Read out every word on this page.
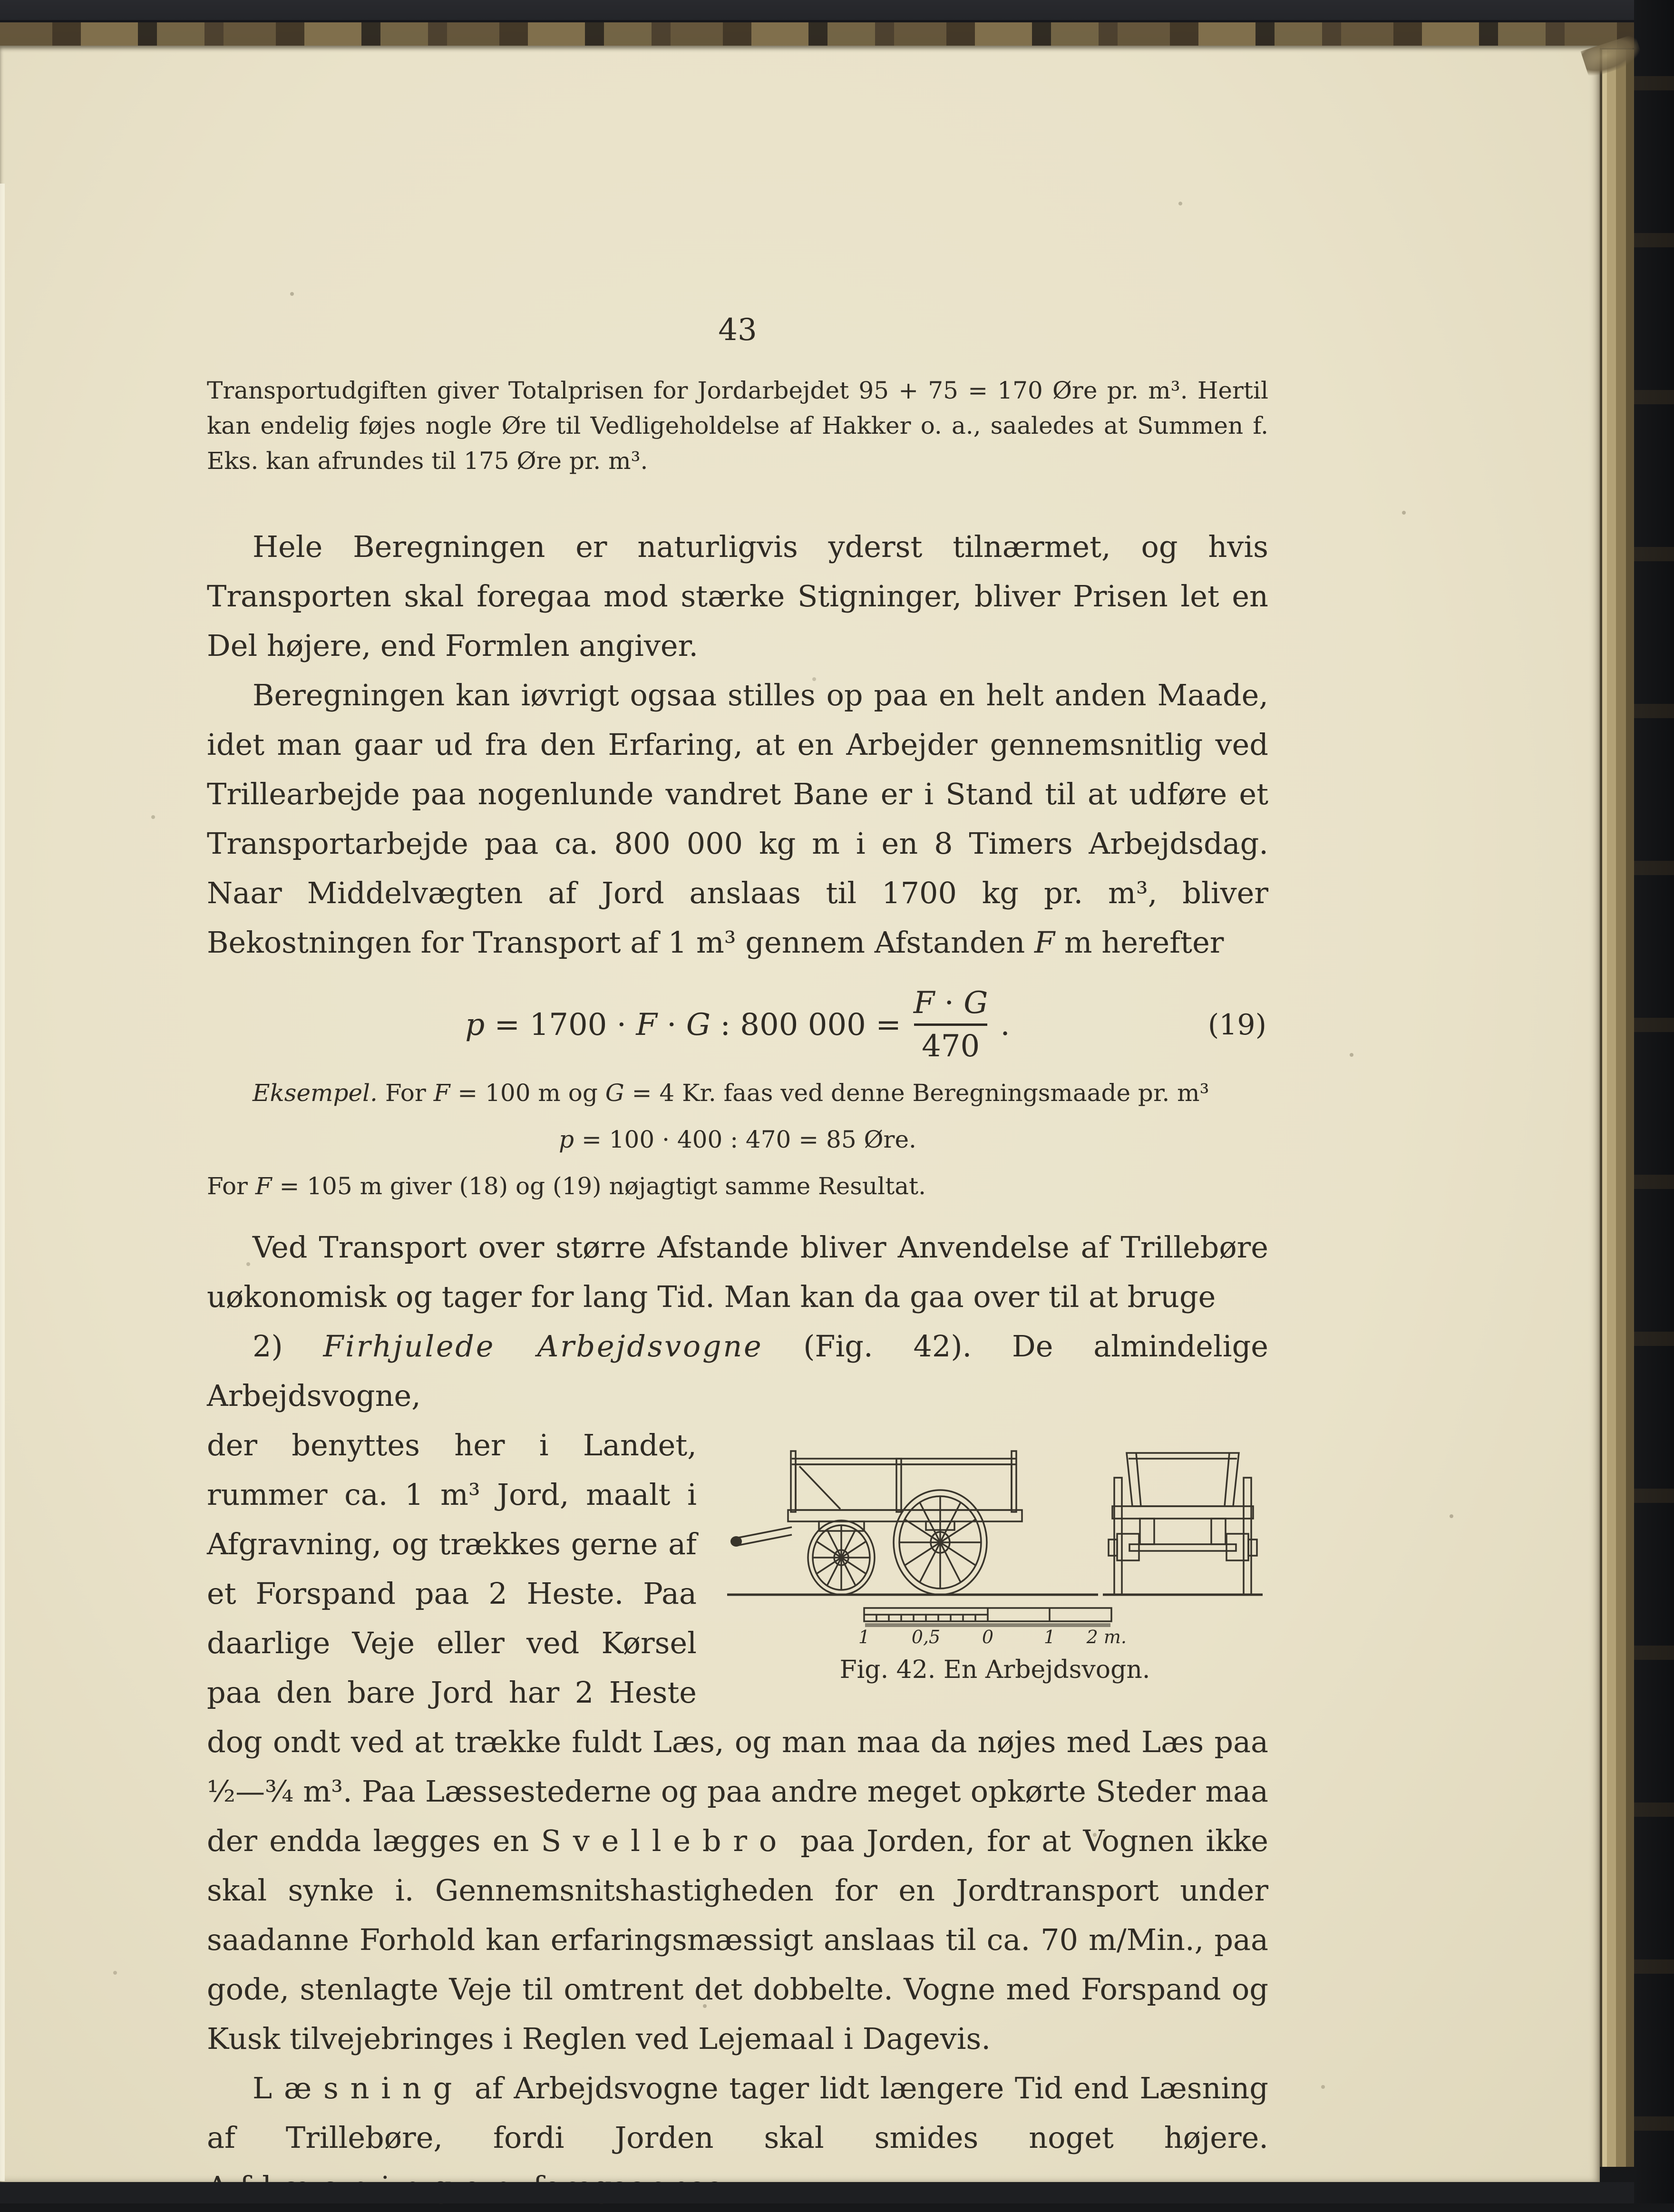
43

Transportudgiften giver Totalprisen for Jordarbejdet 95 + 75 = 170 Øre pr. m³. Hertil kan endelig føjes nogle Øre til Vedligeholdelse af Hakker o. a., saaledes at Summen f. Eks. kan afrundes til 175 Øre pr. m³.

Hele Beregningen er naturligvis yderst tilnærmet, og hvis Transporten skal foregaa mod stærke Stigninger, bliver Prisen let en Del højere, end Formlen angiver.

Beregningen kan iøvrigt ogsaa stilles op paa en helt anden Maade, idet man gaar ud fra den Erfaring, at en Arbejder gennemsnitlig ved Trillearbejde paa nogenlunde vandret Bane er i Stand til at udføre et Transportarbejde paa ca. 800 000 kg m i en 8 Timers Arbejdsdag. Naar Middelvægten af Jord anslaas til 1700 kg pr. m³, bliver Bekostningen for Transport af 1 m³ gennem Afstanden F m herefter

p = 1700 · F · G : 800 $000 = \frac{F \cdot G}{470}$ .	(19)

Eksempel. For F = 100 m og G = 4 Kr. faas ved denne Beregningsmaade pr. m³

p = 100 · 400 : 470 = 85 Øre.

For F = 105 m giver (18) og (19) nøjagtigt samme Resultat.

Ved Transport over større Afstande bliver Anvendelse af Trillebøre uøkonomisk og tager for lang Tid. Man kan da gaa over til at bruge

2) Firhjulede Arbejdsvogne (Fig. 42). De almindelige Arbejdsvogne,

1 0,5 0	1 2 m.
Fig. 42. En Arbejdsvogn.
der benyttes her i Landet, rummer ca. 1 m³ Jord, maalt i Afgravning, og trækkes gerne af et Forspand paa 2 Heste. Paa daarlige Veje eller ved Kørsel paa den bare Jord har 2 Heste dog ondt ved at trække fuldt Læs, og man maa da nøjes med Læs paa ½—¾ m³. Paa Læssestederne og paa andre meget opkørte Steder maa der endda lægges en Svellebro paa Jorden, for at Vognen ikke skal synke i. Gennemsnitshastigheden for en Jordtransport under saadanne Forhold kan erfaringsmæssigt anslaas til ca. 70 m/Min., paa gode, stenlagte Veje til omtrent det dobbelte. Vogne med Forspand og Kusk tilvejebringes i Reglen ved Lejemaal i Dagevis.

Læsning af Arbejdsvogne tager lidt længere Tid end Læsning af Trillebøre, fordi Jorden skal smides noget højere.
